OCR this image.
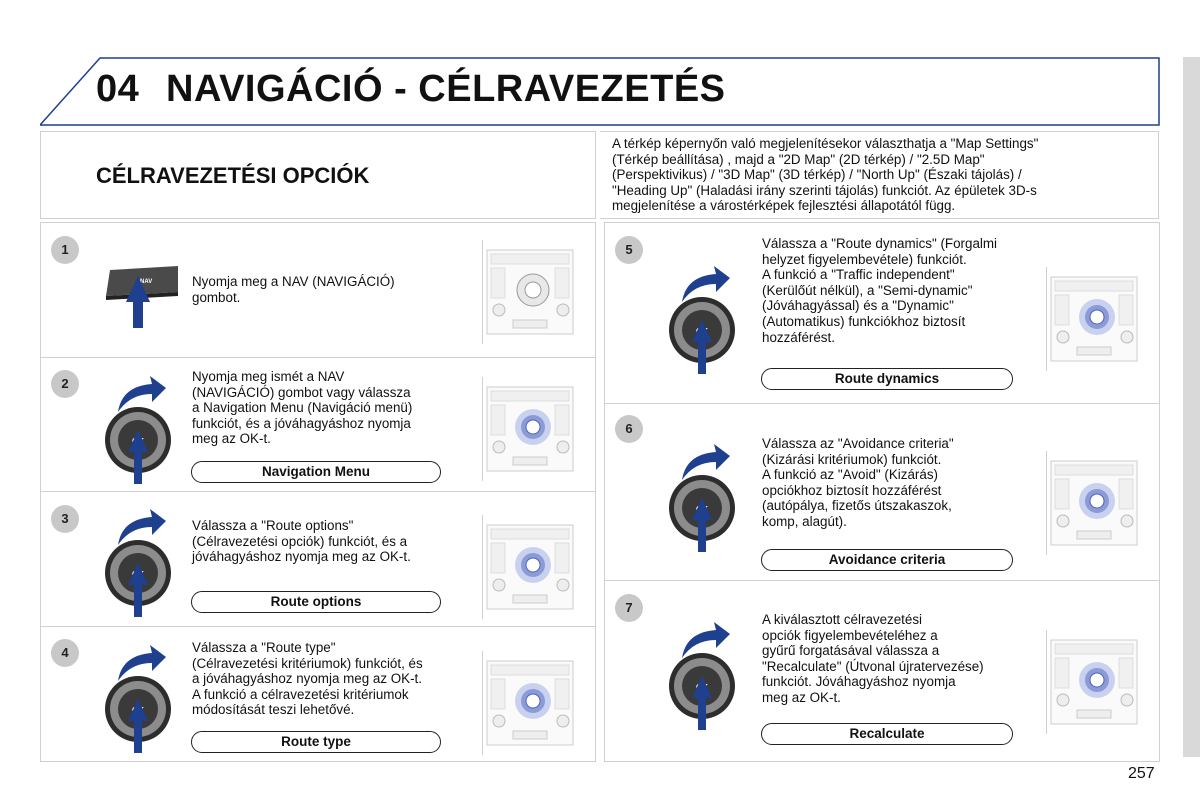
04 NAVIGÁCIÓ - CÉLRAVEZETÉS
CÉLRAVEZETÉSI OPCIÓK
A térkép képernyőn való megjelenítésekor választhatja a "Map Settings"
(Térkép beállítása) , majd a "2D Map" (2D térkép) / "2.5D Map"
(Perspektivikus) / "3D Map" (3D térkép) / "North Up" (Északi tájolás) /
"Heading Up" (Haladási irány szerinti tájolás) funkciót. Az épületek 3D-s
megjelenítése a várostérképek fejlesztési állapotától függ.
1
NAV	Nyomja meg a NAV (NAVIGÁCIÓ)
gombot.
2	Nyomja meg ismét a NAV
(NAVIGÁCIÓ) gombot vagy válassza
a Navigation Menu (Navigáció menü)
funkciót, és a jóváhagyáshoz nyomja
meg az OK-t.
Navigation Menu
3	Válassza a "Route options"
(Célravezetési opciók) funkciót, és a
jóváhagyáshoz nyomja meg az OK-t.
Route options
4	Válassza a "Route type"
(Célravezetési kritériumok) funkciót, és
a jóváhagyáshoz nyomja meg az OK-t.
A funkció a célravezetési kritériumok
módosítását teszi lehetővé.
Route type
5	Válassza a "Route dynamics" (Forgalmi
helyzet figyelembevétele) funkciót.
A funkció a "Traffic independent"
(Kerülőút nélkül), a "Semi-dynamic"
(Jóváhagyással) és a "Dynamic"
(Automatikus) funkciókhoz biztosít
hozzáférést.
Route dynamics
6
Válassza az "Avoidance criteria"
(Kizárási kritériumok) funkciót.
A funkció az "Avoid" (Kizárás)
opciókhoz biztosít hozzáférést
(autópálya, fizetős útszakaszok,
komp, alagút).
Avoidance criteria
7
A kiválasztott célravezetési
opciók figyelembevételéhez a
gyűrű forgatásával válassza a
"Recalculate" (Útvonal újratervezése)
funkciót. Jóváhagyáshoz nyomja
meg az OK-t.
Recalculate
257
